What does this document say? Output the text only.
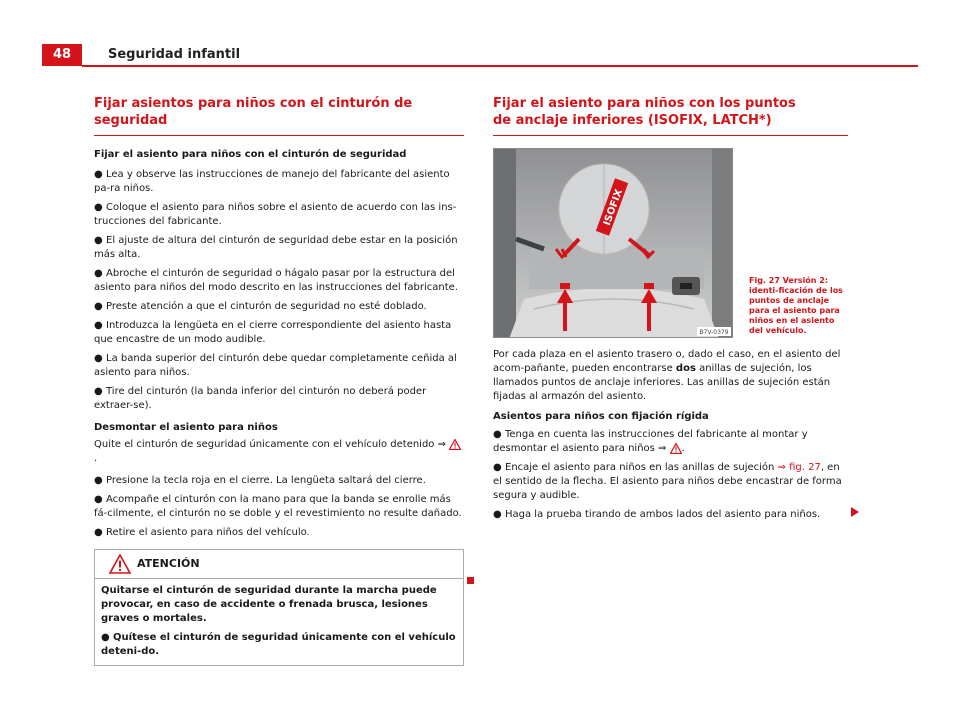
48	Seguridad infantil
Fijar asientos para niños con el cinturón de seguridad
Fijar el asiento para niños con el cinturón de seguridad
● Lea y observe las instrucciones de manejo del fabricante del asiento pa-ra niños.
● Coloque el asiento para niños sobre el asiento de acuerdo con las ins-trucciones del fabricante.
● El ajuste de altura del cinturón de seguridad debe estar en la posición más alta.
● Abroche el cinturón de seguridad o hágalo pasar por la estructura del asiento para niños del modo descrito en las instrucciones del fabricante.
● Preste atención a que el cinturón de seguridad no esté doblado.
● Introduzca la lengüeta en el cierre correspondiente del asiento hasta que encastre de un modo audible.
● La banda superior del cinturón debe quedar completamente ceñida al asiento para niños.
● Tire del cinturón (la banda inferior del cinturón no deberá poder extraer-se).
Desmontar el asiento para niños

Quite el cinturón de seguridad únicamente con el vehículo detenido ⇒ .

● Presione la tecla roja en el cierre. La lengüeta saltará del cierre.
● Acompañe el cinturón con la mano para que la banda se enrolle más fá-cilmente, el cinturón no se doble y el revestimiento no resulte dañado.
● Retire el asiento para niños del vehículo.
ATENCIÓN

Quitarse el cinturón de seguridad durante la marcha puede provocar, en caso de accidente o frenada brusca, lesiones graves o mortales.

● Quítese el cinturón de seguridad únicamente con el vehículo deteni-do.
Fijar el asiento para niños con los puntos de anclaje inferiores (ISOFIX, LATCH*)
ISOFIX
B7V-0379
Fig. 27 Versión 2: identi-ficación de los puntos de anclaje para el asiento para niños en el asiento del vehículo.

Por cada plaza en el asiento trasero o, dado el caso, en el asiento del acom-pañante, pueden encontrarse dos anillas de sujeción, los llamados puntos de anclaje inferiores. Las anillas de sujeción están fijadas al armazón del asiento.

Asientos para niños con fijación rígida
● Tenga en cuenta las instrucciones del fabricante al montar y desmontar el asiento para niños ⇒ .
● Encaje el asiento para niños en las anillas de sujeción ⇒ fig. 27, en el sentido de la flecha. El asiento para niños debe encastrar de forma segura y audible.
● Haga la prueba tirando de ambos lados del asiento para niños.
